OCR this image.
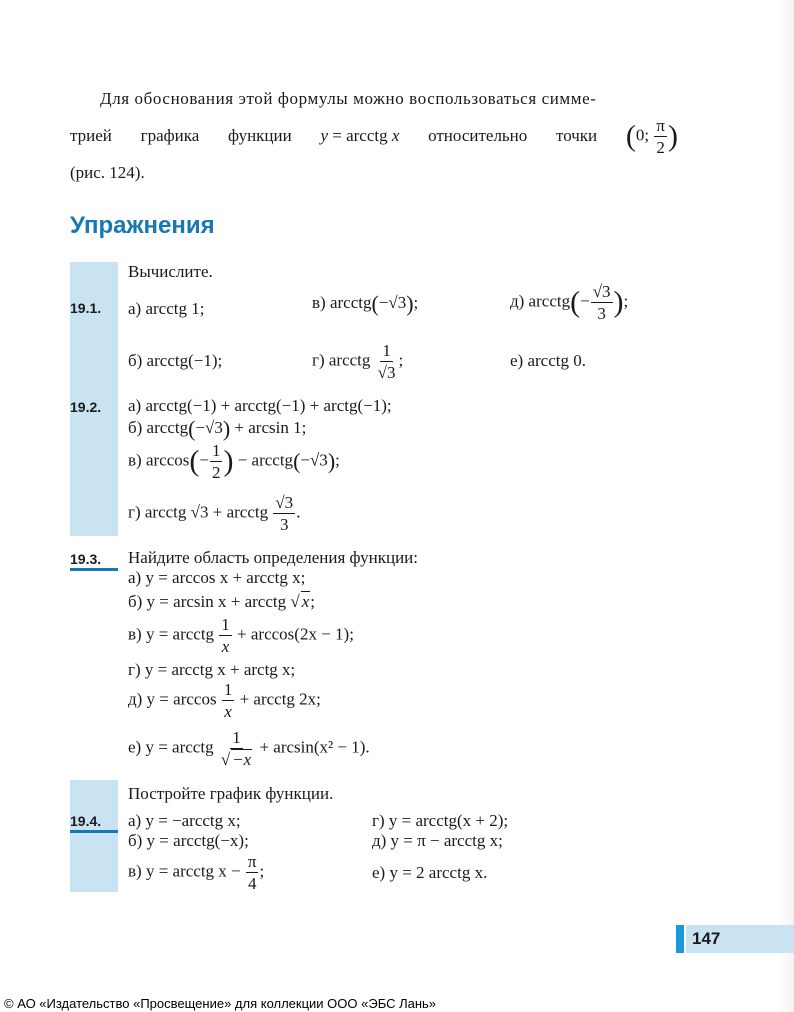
Для обоснования этой формулы можно воспользоваться симме-
трией графика функции y = arcctg x относительно точки (0; $\frac{\pi}{2}$ )
(рис. 124).
Упражнения
Вычислите.
19.1.	а) arcctg 1;	в) arcctg(−√3);	д) arcctg(− $\frac{√3}{3}$ );
б) arcctg(−1);	г) arcctg $\frac{1}{√3}$ ;	е) arcctg 0.
19.2.	а) arcctg(−1) + arcctg(−1) + arctg(−1);
б) arcctg(−√3) + arcsin 1;
в) $\arccos(- \frac{1}{2}$ ) − arcctg(−√3);
г) arcctg √3 + arcctg $\frac{√3}{3}$ .
19.3.	Найдите область определения функции:
а) y = arccos x + arcctg x;
б) y = arcsin x + arcctg √ x;
в) y = arcctg $\frac{1}{x} + \arccos(2x - 1)$;
г) y = arcctg x + arctg x;
д) $y = \arccos \frac{1}{x}$ + arcctg 2x;
е) y = arcctg $\frac{1}{√ -x} + \arcsin(x^2 - 1)$.
Постройте график функции.
19.4.	а) y = −arcctg x;	г) y = arcctg(x + 2);
б) y = arcctg(−x);	д) y = π − arcctg x;
в) y = arcctg $x - \frac{\pi}{4}$ ;	е) y = 2 arcctg x.
147
© АО «Издательство «Просвещение» для коллекции ООО «ЭБС Лань»
